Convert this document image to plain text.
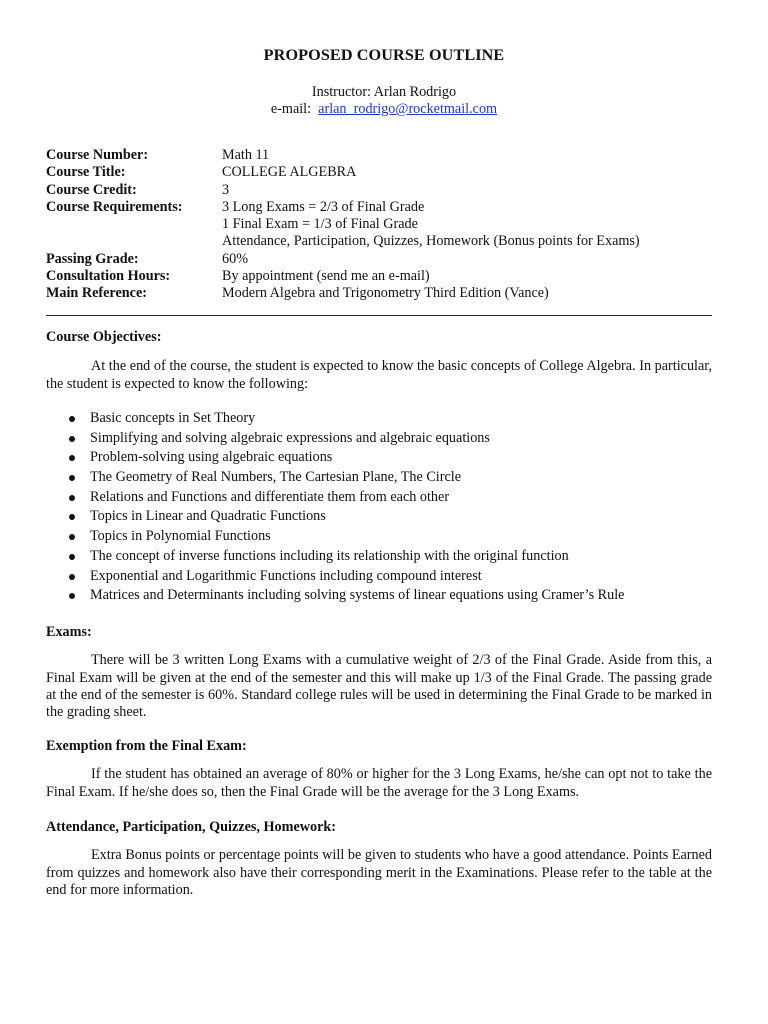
PROPOSED COURSE OUTLINE
Instructor: Arlan Rodrigo
e-mail:  arlan_rodrigo@rocketmail.com
Course Number:	Math 11
Course Title:	COLLEGE ALGEBRA
Course Credit:	3
Course Requirements:	3 Long Exams = 2/3 of Final Grade
1 Final Exam = 1/3 of Final Grade
Attendance, Participation, Quizzes, Homework (Bonus points for Exams)
Passing Grade:	60%
Consultation Hours:	By appointment (send me an e-mail)
Main Reference:	Modern Algebra and Trigonometry Third Edition (Vance)
Course Objectives:
At the end of the course, the student is expected to know the basic concepts of College Algebra. In particular, the student is expected to know the following:
Basic concepts in Set Theory
Simplifying and solving algebraic expressions and algebraic equations
Problem-solving using algebraic equations
The Geometry of Real Numbers, The Cartesian Plane, The Circle
Relations and Functions and differentiate them from each other
Topics in Linear and Quadratic Functions
Topics in Polynomial Functions
The concept of inverse functions including its relationship with the original function
Exponential and Logarithmic Functions including compound interest
Matrices and Determinants including solving systems of linear equations using Cramer’s Rule
Exams:
There will be 3 written Long Exams with a cumulative weight of 2/3 of the Final Grade. Aside from this, a Final Exam will be given at the end of the semester and this will make up 1/3 of the Final Grade. The passing grade at the end of the semester is 60%. Standard college rules will be used in determining the Final Grade to be marked in the grading sheet.
Exemption from the Final Exam:
If the student has obtained an average of 80% or higher for the 3 Long Exams, he/she can opt not to take the Final Exam. If he/she does so, then the Final Grade will be the average for the 3 Long Exams.
Attendance, Participation, Quizzes, Homework:
Extra Bonus points or percentage points will be given to students who have a good attendance. Points Earned from quizzes and homework also have their corresponding merit in the Examinations. Please refer to the table at the end for more information.
